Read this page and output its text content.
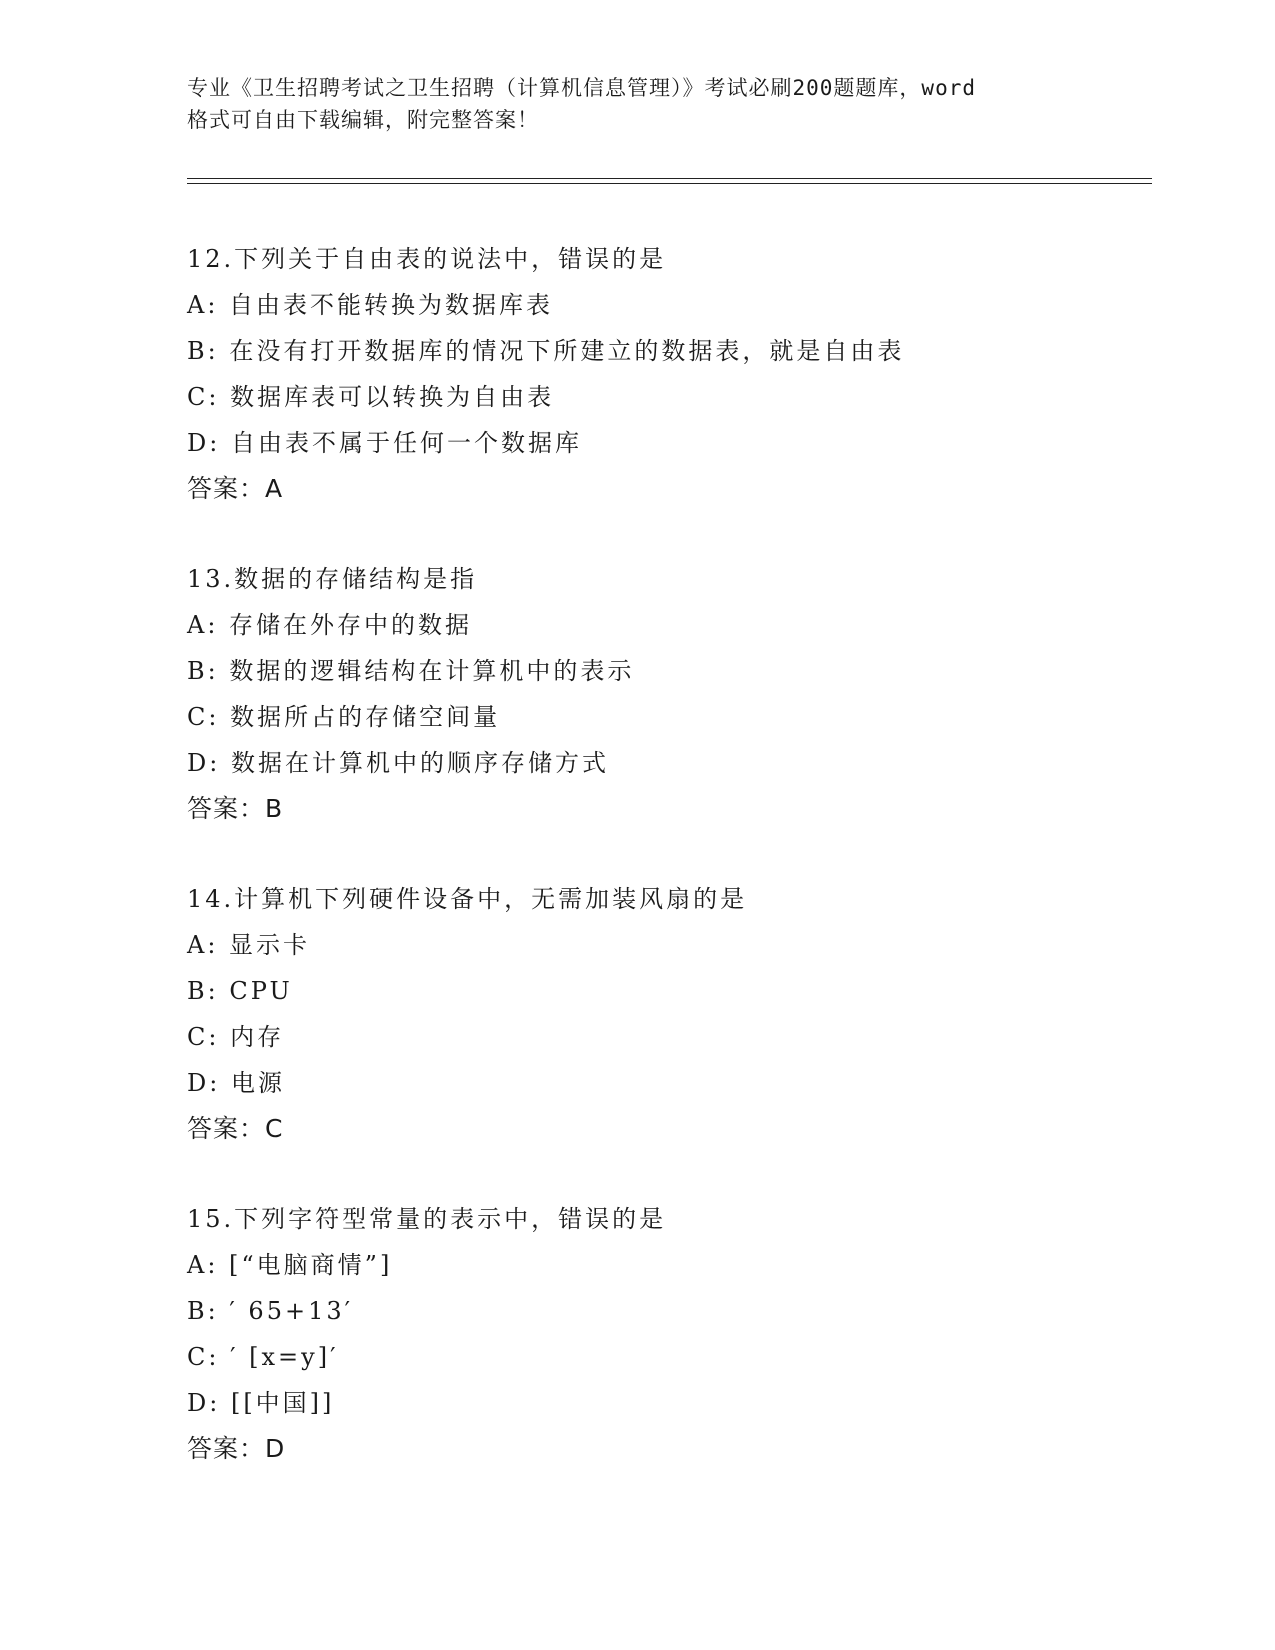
专业《卫生招聘考试之卫生招聘（计算机信息管理）》考试必刷200题题库，word
格式可自由下载编辑，附完整答案！
12.下列关于自由表的说法中，错误的是
A: 自由表不能转换为数据库表
B: 在没有打开数据库的情况下所建立的数据表，就是自由表
C: 数据库表可以转换为自由表
D: 自由表不属于任何一个数据库
答案：A
13.数据的存储结构是指
A: 存储在外存中的数据
B: 数据的逻辑结构在计算机中的表示
C: 数据所占的存储空间量
D: 数据在计算机中的顺序存储方式
答案：B
14.计算机下列硬件设备中，无需加装风扇的是
A: 显示卡
B: CPU
C: 内存
D: 电源
答案：C
15.下列字符型常量的表示中，错误的是
A: [“电脑商情”]
B: ′ 65+13′
C: ′ [x=y]′
D: [[中国]]
答案：D
